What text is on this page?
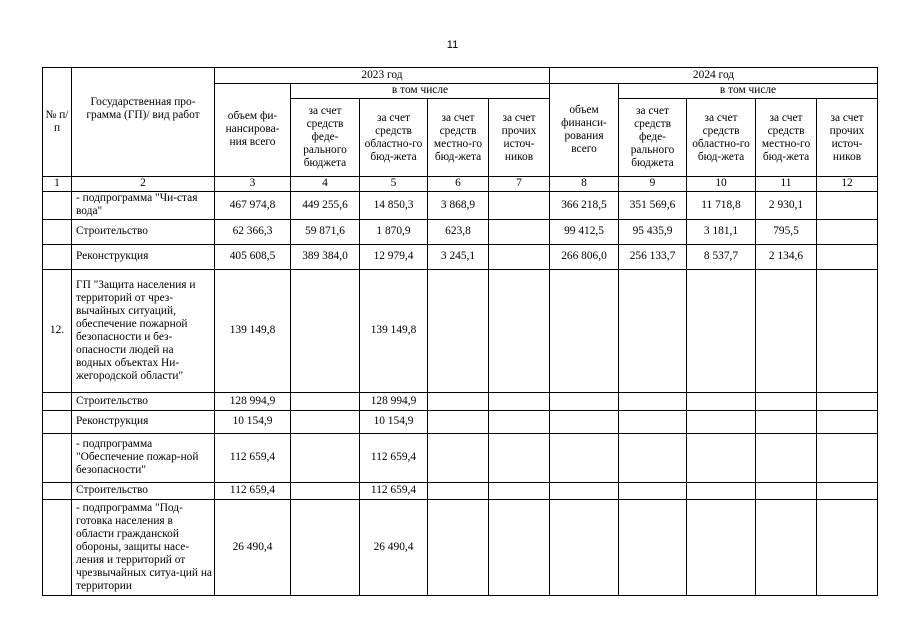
11
№ п/п	Государственная про-грамма (ГП)/ вид работ	2023 год					2024 год				
		объем фи-нансирова-ния всего	в том числе				объем финанси-рования всего	в том числе			
			за счет средств феде-рального бюджета	за счет средств областно-го бюд-жета	за счет средств местно-го бюд-жета	за счет прочих источ-ников		за счет средств феде-рального бюджета	за счет средств областно-го бюд-жета	за счет средств местно-го бюд-жета	за счет прочих источ-ников
1	2	3	4	5	6	7	8	9	10	11	12
	- подпрограмма "Чи-стая вода"	467 974,8	449 255,6	14 850,3	3 868,9		366 218,5	351 569,6	11 718,8	2 930,1	
	Строительство	62 366,3	59 871,6	1 870,9	623,8		99 412,5	95 435,9	3 181,1	795,5	
	Реконструкция	405 608,5	389 384,0	12 979,4	3 245,1		266 806,0	256 133,7	8 537,7	2 134,6	
12.	ГП "Защита населения и территорий от чрез-вычайных ситуаций, обеспечение пожарной безопасности и без-опасности людей на водных объектах Ни-жегородской области"	139 149,8		139 149,8							
	Строительство	128 994,9		128 994,9							
	Реконструкция	10 154,9		10 154,9							
	- подпрограмма "Обеспечение пожар-ной безопасности"	112 659,4		112 659,4							
	Строительство	112 659,4		112 659,4							
	- подпрограмма "Под-готовка населения в области гражданской обороны, защиты насе-ления и территорий от чрезвычайных ситуа-ций на территории	26 490,4		26 490,4							
